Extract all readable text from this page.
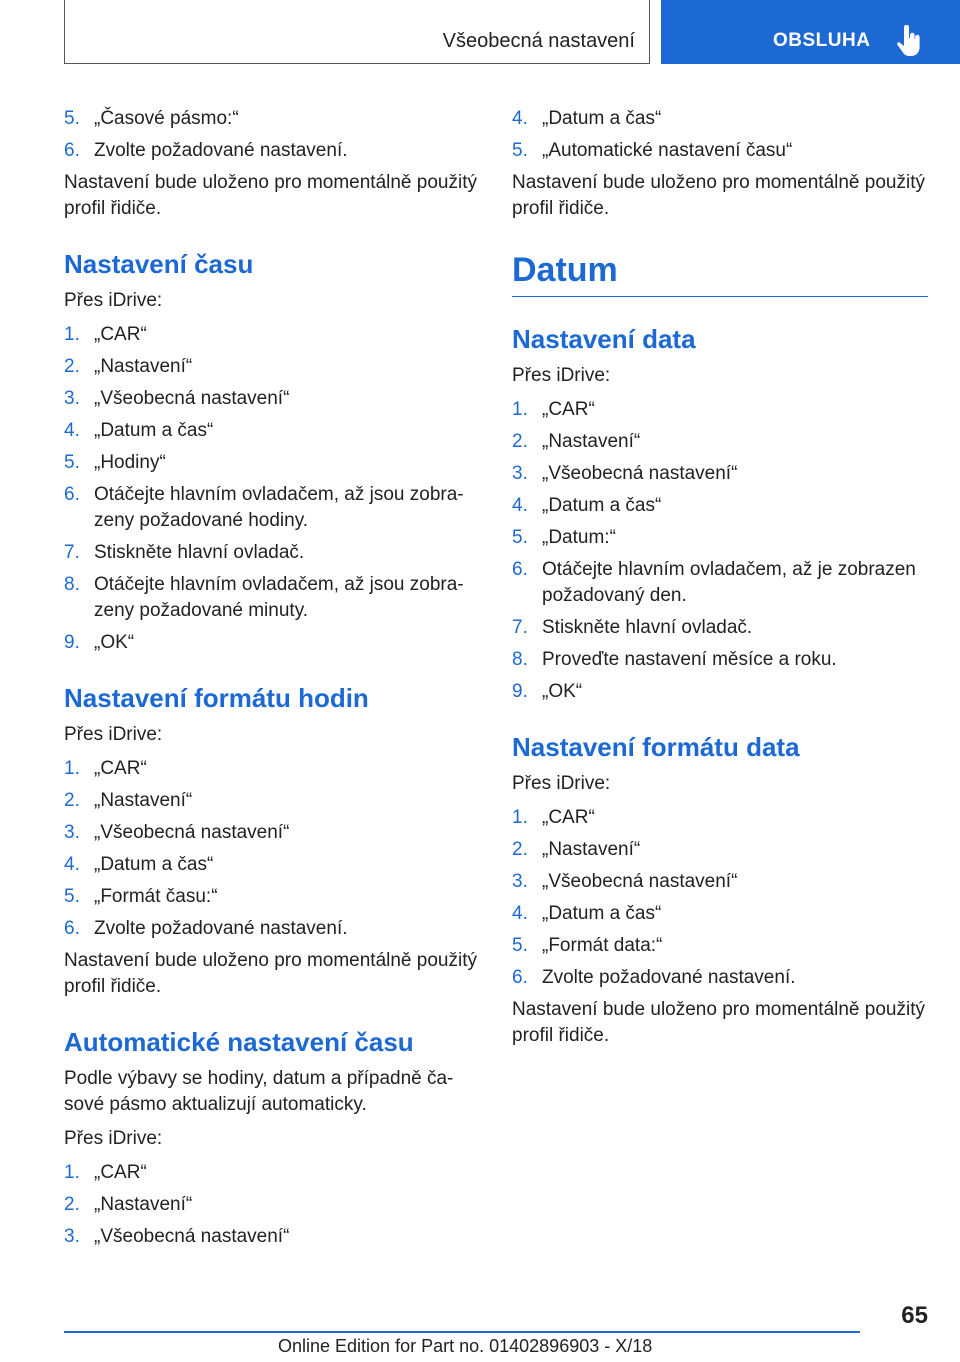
Všeobecná nastavení	OBSLUHA
5. „Časové pásmo:“
6. Zvolte požadované nastavení.

Nastavení bude uloženo pro momentálně použitý profil řidiče.

Nastavení času

Přes iDrive:

1. „CAR“
2. „Nastavení“
3. „Všeobecná nastavení“
4. „Datum a čas“
5. „Hodiny“
6. Otáčejte hlavním ovladačem, až jsou zobra-zeny požadované hodiny.
7. Stiskněte hlavní ovladač.
8. Otáčejte hlavním ovladačem, až jsou zobra-zeny požadované minuty.
9. „OK“
Nastavení formátu hodin

Přes iDrive:

1. „CAR“
2. „Nastavení“
3. „Všeobecná nastavení“
4. „Datum a čas“
5. „Formát času:“
6. Zvolte požadované nastavení.

Nastavení bude uloženo pro momentálně použitý profil řidiče.

Automatické nastavení času

Podle výbavy se hodiny, datum a případně ča-sové pásmo aktualizují automaticky.

Přes iDrive:

1. „CAR“
2. „Nastavení“
3. „Všeobecná nastavení“
4. „Datum a čas“
5. „Automatické nastavení času“

Nastavení bude uloženo pro momentálně použitý profil řidiče.

Datum
Nastavení data

Přes iDrive:

1. „CAR“
2. „Nastavení“
3. „Všeobecná nastavení“
4. „Datum a čas“
5. „Datum:“
6. Otáčejte hlavním ovladačem, až je zobrazen požadovaný den.
7. Stiskněte hlavní ovladač.
8. Proveďte nastavení měsíce a roku.
9. „OK“
Nastavení formátu data

Přes iDrive:

1. „CAR“
2. „Nastavení“
3. „Všeobecná nastavení“
4. „Datum a čas“
5. „Formát data:“
6. Zvolte požadované nastavení.

Nastavení bude uloženo pro momentálně použitý profil řidiče.

65
Online Edition for Part no. 01402896903 - X/18
